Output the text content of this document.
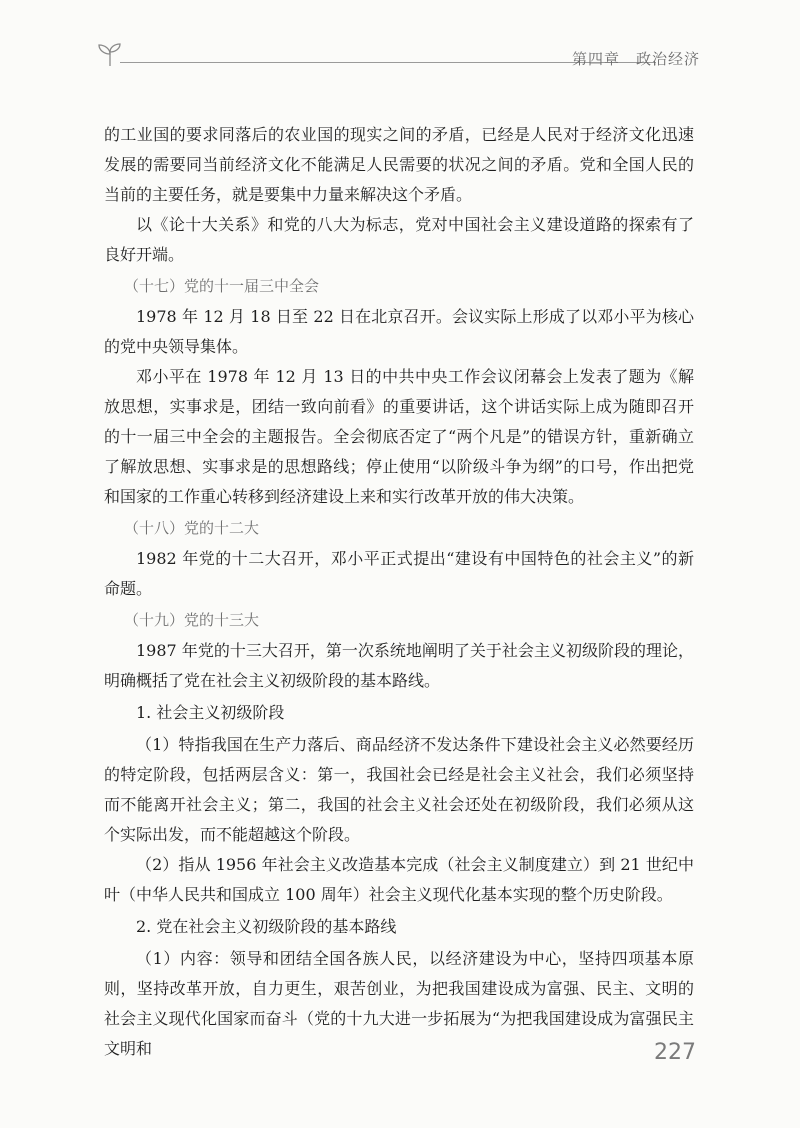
第四章　政治经济

的工业国的要求同落后的农业国的现实之间的矛盾，已经是人民对于经济文化迅速发展的需要同当前经济文化不能满足人民需要的状况之间的矛盾。党和全国人民的当前的主要任务，就是要集中力量来解决这个矛盾。

以《论十大关系》和党的八大为标志，党对中国社会主义建设道路的探索有了良好开端。

（十七）党的十一届三中全会

1978 年 12 月 18 日至 22 日在北京召开。会议实际上形成了以邓小平为核心的党中央领导集体。

邓小平在 1978 年 12 月 13 日的中共中央工作会议闭幕会上发表了题为《解放思想，实事求是，团结一致向前看》的重要讲话，这个讲话实际上成为随即召开的十一届三中全会的主题报告。全会彻底否定了“两个凡是”的错误方针，重新确立了解放思想、实事求是的思想路线；停止使用“以阶级斗争为纲”的口号，作出把党和国家的工作重心转移到经济建设上来和实行改革开放的伟大决策。

（十八）党的十二大

1982 年党的十二大召开，邓小平正式提出“建设有中国特色的社会主义”的新命题。

（十九）党的十三大

1987 年党的十三大召开，第一次系统地阐明了关于社会主义初级阶段的理论，明确概括了党在社会主义初级阶段的基本路线。

1. 社会主义初级阶段

（1）特指我国在生产力落后、商品经济不发达条件下建设社会主义必然要经历的特定阶段，包括两层含义：第一，我国社会已经是社会主义社会，我们必须坚持而不能离开社会主义；第二，我国的社会主义社会还处在初级阶段，我们必须从这个实际出发，而不能超越这个阶段。

（2）指从 1956 年社会主义改造基本完成（社会主义制度建立）到 21 世纪中叶（中华人民共和国成立 100 周年）社会主义现代化基本实现的整个历史阶段。

2. 党在社会主义初级阶段的基本路线

（1）内容：领导和团结全国各族人民，以经济建设为中心，坚持四项基本原则，坚持改革开放，自力更生，艰苦创业，为把我国建设成为富强、民主、文明的社会主义现代化国家而奋斗（党的十九大进一步拓展为“为把我国建设成为富强民主文明和	227
